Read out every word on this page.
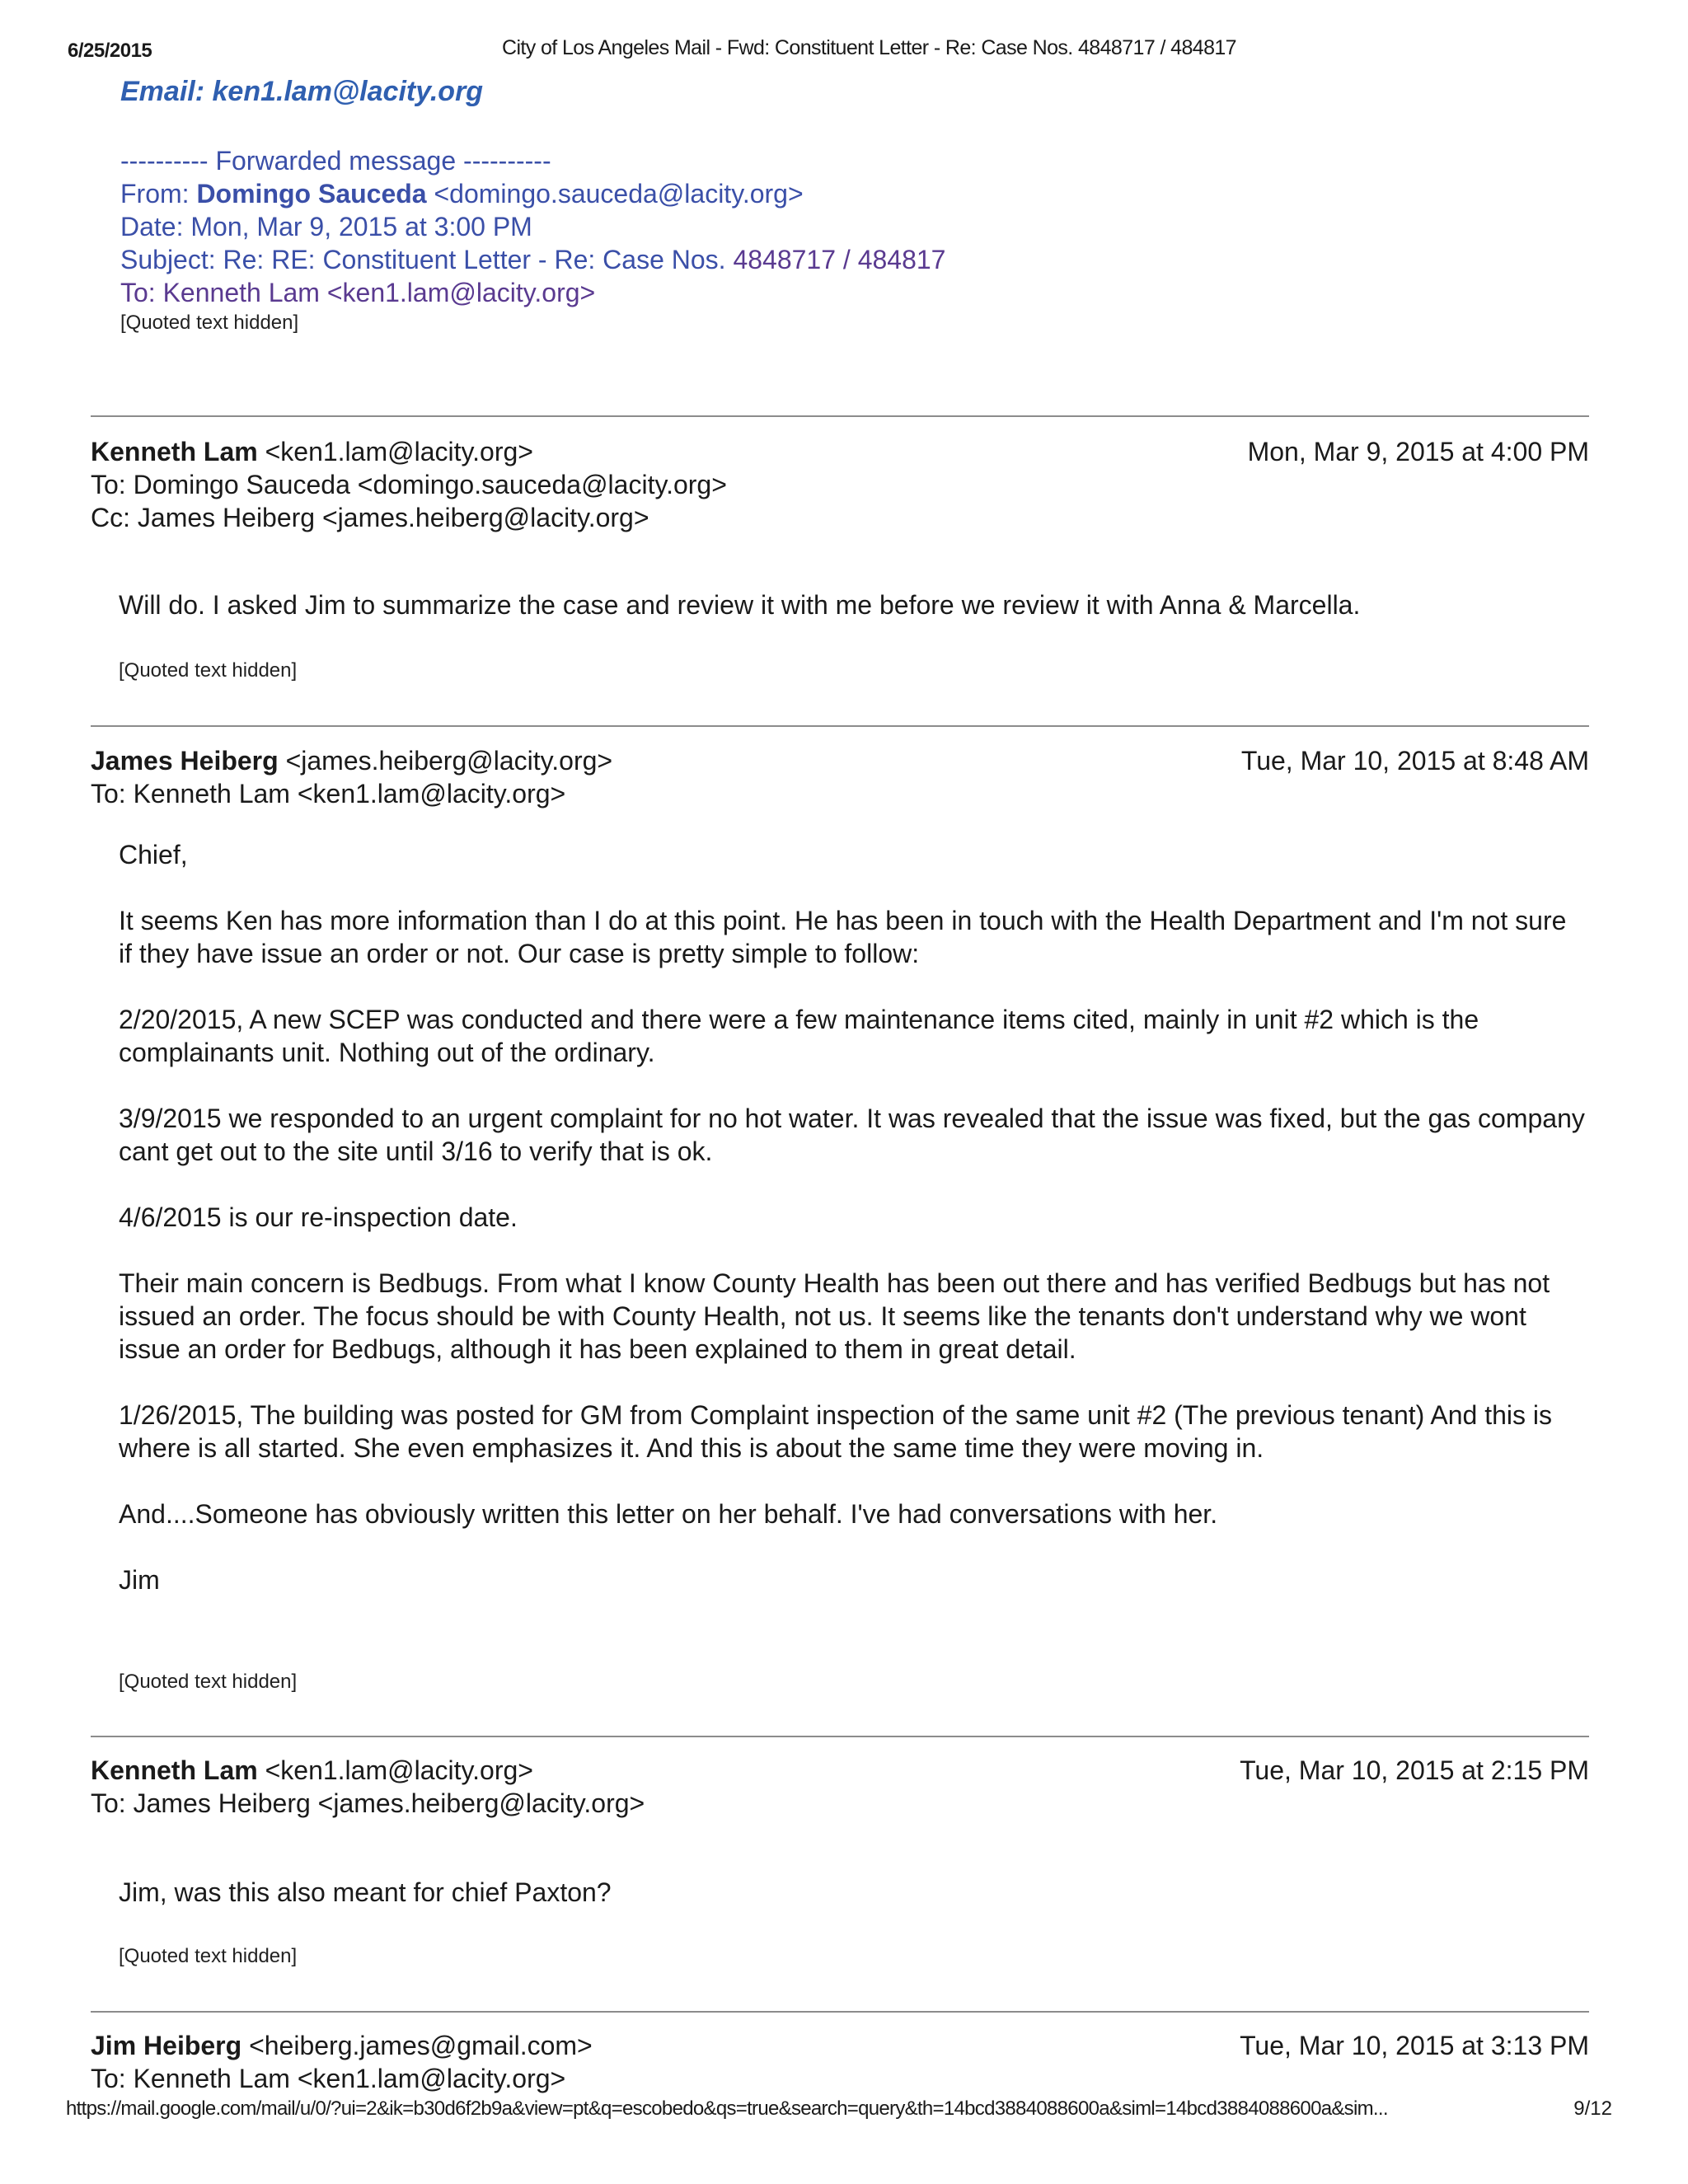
6/25/2015	City of Los Angeles Mail - Fwd: Constituent Letter - Re: Case Nos. 4848717 / 484817
Email: ken1.lam@lacity.org
---------- Forwarded message ----------
From: Domingo Sauceda <domingo.sauceda@lacity.org>
Date: Mon, Mar 9, 2015 at 3:00 PM
Subject: Re: RE: Constituent Letter - Re: Case Nos. 4848717 / 484817
To: Kenneth Lam <ken1.lam@lacity.org>
[Quoted text hidden]
Kenneth Lam <ken1.lam@lacity.org>
To: Domingo Sauceda <domingo.sauceda@lacity.org>
Cc: James Heiberg <james.heiberg@lacity.org>
Mon, Mar 9, 2015 at 4:00 PM

Will do. I asked Jim to summarize the case and review it with me before we review it with Anna & Marcella.

[Quoted text hidden]
James Heiberg <james.heiberg@lacity.org>
To: Kenneth Lam <ken1.lam@lacity.org>
Tue, Mar 10, 2015 at 8:48 AM

Chief,

It seems Ken has more information than I do at this point. He has been in touch with the Health Department and I'm not sure if they have issue an order or not. Our case is pretty simple to follow:

2/20/2015, A new SCEP was conducted and there were a few maintenance items cited, mainly in unit #2 which is the complainants unit. Nothing out of the ordinary.

3/9/2015 we responded to an urgent complaint for no hot water. It was revealed that the issue was fixed, but the gas company cant get out to the site until 3/16 to verify that is ok.

4/6/2015 is our re-inspection date.

Their main concern is Bedbugs. From what I know County Health has been out there and has verified Bedbugs but has not issued an order. The focus should be with County Health, not us. It seems like the tenants don't understand why we wont issue an order for Bedbugs, although it has been explained to them in great detail.

1/26/2015, The building was posted for GM from Complaint inspection of the same unit #2 (The previous tenant) And this is where is all started. She even emphasizes it. And this is about the same time they were moving in.

And....Someone has obviously written this letter on her behalf. I've had conversations with her.

Jim

[Quoted text hidden]
Kenneth Lam <ken1.lam@lacity.org>
To: James Heiberg <james.heiberg@lacity.org>
Tue, Mar 10, 2015 at 2:15 PM

Jim, was this also meant for chief Paxton?

[Quoted text hidden]
Jim Heiberg <heiberg.james@gmail.com>
To: Kenneth Lam <ken1.lam@lacity.org>
Tue, Mar 10, 2015 at 3:13 PM
https://mail.google.com/mail/u/0/?ui=2&ik=b30d6f2b9a&view=pt&q=escobedo&qs=true&search=query&th=14bcd3884088600a&siml=14bcd3884088600a&sim...	9/12
